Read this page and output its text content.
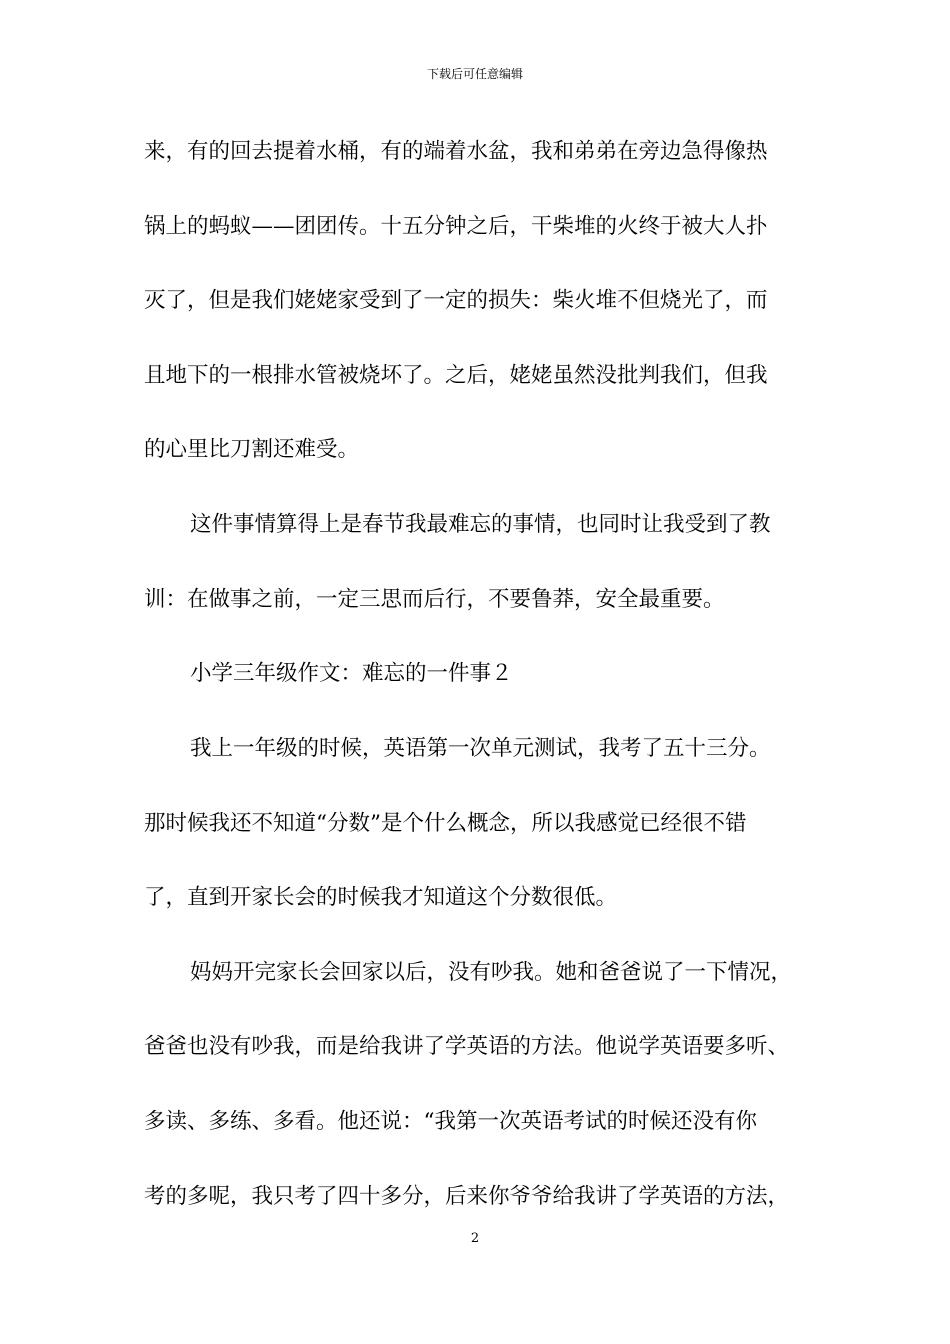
下载后可任意编辑
来，有的回去提着水桶，有的端着水盆，我和弟弟在旁边急得像热
锅上的蚂蚁——团团传。十五分钟之后，干柴堆的火终于被大人扑
灭了，但是我们姥姥家受到了一定的损失：柴火堆不但烧光了，而
且地下的一根排水管被烧坏了。之后，姥姥虽然没批判我们，但我
的心里比刀割还难受。
这件事情算得上是春节我最难忘的事情，也同时让我受到了教
训：在做事之前，一定三思而后行，不要鲁莽，安全最重要。
小学三年级作文：难忘的一件事２
我上一年级的时候，英语第一次单元测试，我考了五十三分。
那时候我还不知道“分数”是个什么概念，所以我感觉已经很不错
了，直到开家长会的时候我才知道这个分数很低。
妈妈开完家长会回家以后，没有吵我。她和爸爸说了一下情况，
爸爸也没有吵我，而是给我讲了学英语的方法。他说学英语要多听、
多读、多练、多看。他还说：“我第一次英语考试的时候还没有你
考的多呢，我只考了四十多分，后来你爷爷给我讲了学英语的方法，
2
